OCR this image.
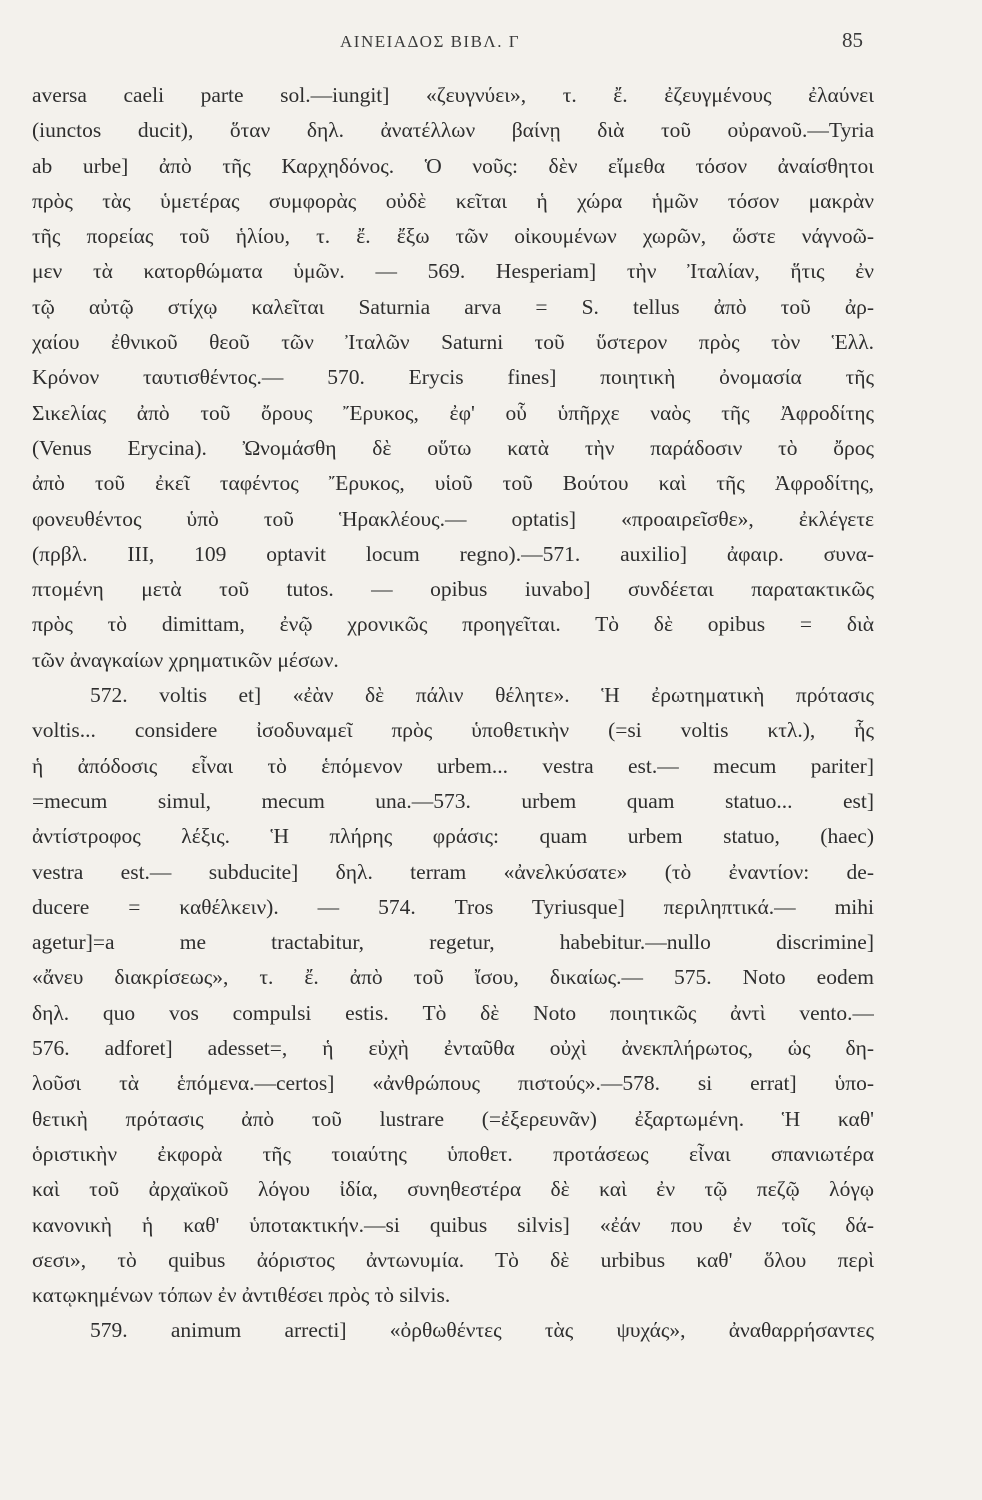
ΑΙΝΕΙΑΔΟΣ ΒΙΒΛ. Γ	85
aversa caeli parte sol.—iungit] «ζευγνύει», τ. ἔ. ἐζευγμένους ἐλαύνει
(iunctos ducit), ὅταν δηλ. ἀνατέλλων βαίνῃ διὰ τοῦ οὐρανοῦ.—Tyria
ab urbe] ἀπὸ τῆς Καρχηδόνος. Ὁ νοῦς: δὲν εἴμεθα τόσον ἀναίσθητοι
πρὸς τὰς ὑμετέρας συμφορὰς οὐδὲ κεῖται ἡ χώρα ἡμῶν τόσον μακρὰν
τῆς πορείας τοῦ ἡλίου, τ. ἔ. ἔξω τῶν οἰκουμένων χωρῶν, ὥστε νάγνοῶ-
μεν τὰ κατορθώματα ὑμῶν. — 569. Hesperiam] τὴν Ἰταλίαν, ἥτις ἐν
τῷ αὐτῷ στίχῳ καλεῖται Saturnia arva = S. tellus ἀπὸ τοῦ ἀρ-
χαίου ἐθνικοῦ θεοῦ τῶν Ἰταλῶν Saturni τοῦ ὕστερον πρὸς τὸν Ἑλλ.
Κρόνον ταυτισθέντος.— 570. Erycis fines] ποιητικὴ ὀνομασία τῆς
Σικελίας ἀπὸ τοῦ ὄρους Ἔρυκος, ἐφ' οὗ ὑπῆρχε ναὸς τῆς Ἀφροδίτης
(Venus Erycina). Ὠνομάσθη δὲ οὕτω κατὰ τὴν παράδοσιν τὸ ὄρος
ἀπὸ τοῦ ἐκεῖ ταφέντος Ἔρυκος, υἱοῦ τοῦ Βούτου καὶ τῆς Ἀφροδίτης,
φονευθέντος ὑπὸ τοῦ Ἡρακλέους.— optatis] «προαιρεῖσθε», ἐκλέγετε
(πρβλ. III, 109 optavit locum regno).—571. auxilio] ἀφαιρ. συνα-
πτομένη μετὰ τοῦ tutos. — opibus iuvabo] συνδέεται παρατακτικῶς
πρὸς τὸ dimittam, ἐνῷ χρονικῶς προηγεῖται. Τὸ δὲ opibus = διὰ
τῶν ἀναγκαίων χρηματικῶν μέσων.
572. voltis et] «ἐὰν δὲ πάλιν θέλητε». Ἡ ἐρωτηματικὴ πρότασις
voltis... considere ἰσοδυναμεῖ πρὸς ὑποθετικὴν (=si voltis κτλ.), ἧς
ἡ ἀπόδοσις εἶναι τὸ ἑπόμενον urbem... vestra est.— mecum pariter]
=mecum simul, mecum una.—573. urbem quam statuo... est]
ἀντίστροφος λέξις. Ἡ πλήρης φράσις: quam urbem statuo, (haec)
vestra est.— subducite] δηλ. terram «ἀνελκύσατε» (τὸ ἐναντίον: de-
ducere = καθέλκειν). — 574. Tros Tyriusque] περιληπτικά.— mihi
agetur]=a me tractabitur, regetur, habebitur.—nullo discrimine]
«ἄνευ διακρίσεως», τ. ἔ. ἀπὸ τοῦ ἴσου, δικαίως.— 575. Noto eodem
δηλ. quo vos compulsi estis. Τὸ δὲ Noto ποιητικῶς ἀντὶ vento.—
576. adforet] adesset=, ἡ εὐχὴ ἐνταῦθα οὐχὶ ἀνεκπλήρωτος, ὡς δη-
λοῦσι τὰ ἑπόμενα.—certos] «ἀνθρώπους πιστούς».—578. si errat] ὑπο-
θετικὴ πρότασις ἀπὸ τοῦ lustrare (=ἐξερευνᾶν) ἐξαρτωμένη. Ἡ καθ'
ὁριστικὴν ἐκφορὰ τῆς τοιαύτης ὑποθετ. προτάσεως εἶναι σπανιωτέρα
καὶ τοῦ ἀρχαϊκοῦ λόγου ἰδία, συνηθεστέρα δὲ καὶ ἐν τῷ πεζῷ λόγῳ
κανονικὴ ἡ καθ' ὑποτακτικήν.—si quibus silvis] «ἐάν που ἐν τοῖς δά-
σεσι», τὸ quibus ἀόριστος ἀντωνυμία. Τὸ δὲ urbibus καθ' ὅλου περὶ
κατῳκημένων τόπων ἐν ἀντιθέσει πρὸς τὸ silvis.
579. animum arrecti] «ὀρθωθέντες τὰς ψυχάς», ἀναθαρρήσαντες
